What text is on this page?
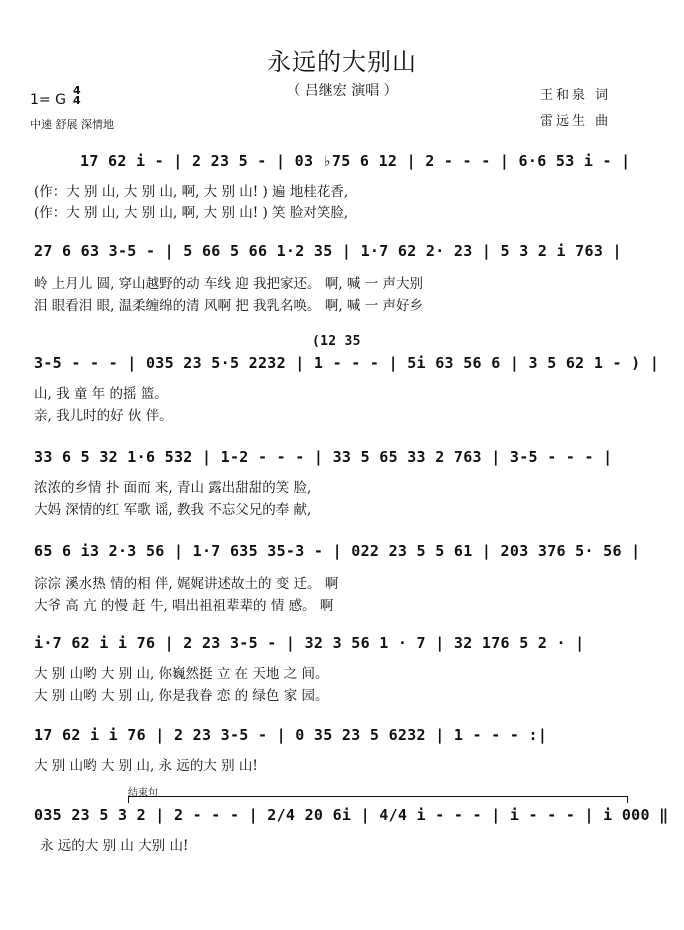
永远的大别山
（ 吕继宏 演唱 ）
1= G
4
4
中速 舒展 深情地
王和泉 词
雷远生 曲
17 62 i - | 2 23 5 - | 03 ♭75 6 12 | 2 - - - | 6·6 53 i - |
(作：大 别 山, 大 别 山, 啊, 大 别 山! ) 遍 地桂花香,
(作：大 别 山, 大 别 山, 啊, 大 别 山! ) 笑 脸对笑脸,
27 6 63 3-5 - | 5 66 5 66 1·2 35 | 1·7 62 2· 23 | 5 3 2 i 763 |
岭 上月儿 圆, 穿山越野的动 车线 迎 我把家还。 啊, 喊 一 声大别
泪 眼看泪 眼, 温柔缠绵的清 风啊 把 我乳名唤。 啊, 喊 一 声好乡
(12 35
3-5 - - - | 035 23 5·5 2232 | 1 - - - | 5i 63 56 6 | 3 5 62 1 - ) |
山, 我 童 年 的摇 篮。
亲, 我儿时的好 伙 伴。
33 6 5 32 1·6 532 | 1-2 - - - | 33 5 65 33 2 763 | 3-5 - - - |
浓浓的乡情 扑 面而 来, 青山 露出甜甜的笑 脸,
大妈 深情的红 军歌 谣, 教我 不忘父兄的奉 献,
65 6 i3 2·3 56 | 1·7 635 35-3 - | 022 23 5 5 61 | 203 376 5· 56 |
淙淙 溪水热 情的相 伴, 娓娓讲述故土的 变 迁。 啊
大爷 高 亢 的慢 赶 牛, 唱出祖祖辈辈的 情 感。 啊
i·7 62 i i 76 | 2 23 3-5 - | 32 3 56 1 · 7 | 32 176 5 2 · |
大 别 山哟 大 别 山, 你巍然挺 立 在 天地 之 间。
大 别 山哟 大 别 山, 你是我眷 恋 的 绿色 家 园。
17 62 i i 76 | 2 23 3-5 - | 0 35 23 5 6232 | 1 - - - :|
大 别 山哟 大 别 山, 永 远的大 别 山!
结束句
035 23 5 3 2 | 2 - - - | 2/4 20 6i | 4/4 i - - - | i - - - | i 000 ‖
永 远的大 别 山 大别 山!
